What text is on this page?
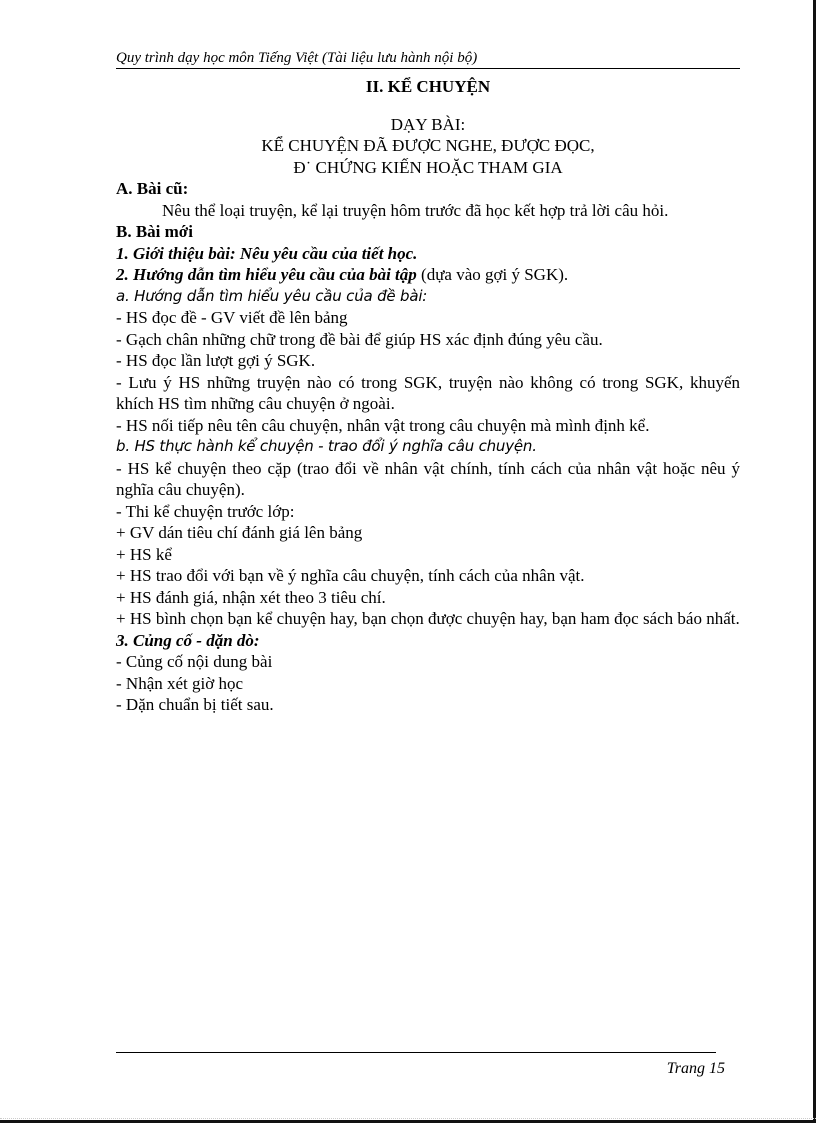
Quy trình dạy học môn Tiếng Việt (Tài liệu lưu hành nội bộ)

II. KỂ CHUYỆN

DẠY BÀI:

KỂ CHUYỆN ĐÃ ĐƯỢC NGHE, ĐƯỢC ĐỌC,

Đ˙ CHỨNG KIẾN HOẶC THAM GIA

A. Bài cũ:

Nêu thể loại truyện, kể lại truyện hôm trước đã học kết hợp trả lời câu hỏi.

B. Bài mới

1. Giới thiệu bài: Nêu yêu cầu của tiết học.

2. Hướng dẫn tìm hiểu yêu cầu của bài tập (dựa vào gợi ý SGK).

a. Hướng dẫn tìm hiểu yêu cầu của đề bài:

- HS đọc đề - GV viết đề lên bảng

- Gạch chân những chữ trong đề bài để giúp HS xác định đúng yêu cầu.

- HS đọc lần lượt gợi ý SGK.

- Lưu ý HS những truyện nào có trong SGK, truyện nào không có trong SGK, khuyến khích HS tìm những câu chuyện ở ngoài.

- HS nối tiếp nêu tên câu chuyện, nhân vật trong câu chuyện mà mình định kể.

b. HS thực hành kể chuyện - trao đổi ý nghĩa câu chuyện.

- HS kể chuyện theo cặp (trao đổi về nhân vật chính, tính cách của nhân vật hoặc nêu ý nghĩa câu chuyện).

- Thi kể chuyện trước lớp:

+ GV dán tiêu chí đánh giá lên bảng

+ HS kể

+ HS trao đổi với bạn về ý nghĩa câu chuyện, tính cách của nhân vật.

+ HS đánh giá, nhận xét theo 3 tiêu chí.

+ HS bình chọn bạn kể chuyện hay, bạn chọn được chuyện hay, bạn ham đọc sách báo nhất.

3. Củng cố - dặn dò:

- Củng cố nội dung bài

- Nhận xét giờ học

- Dặn chuẩn bị tiết sau.

Trang 15
